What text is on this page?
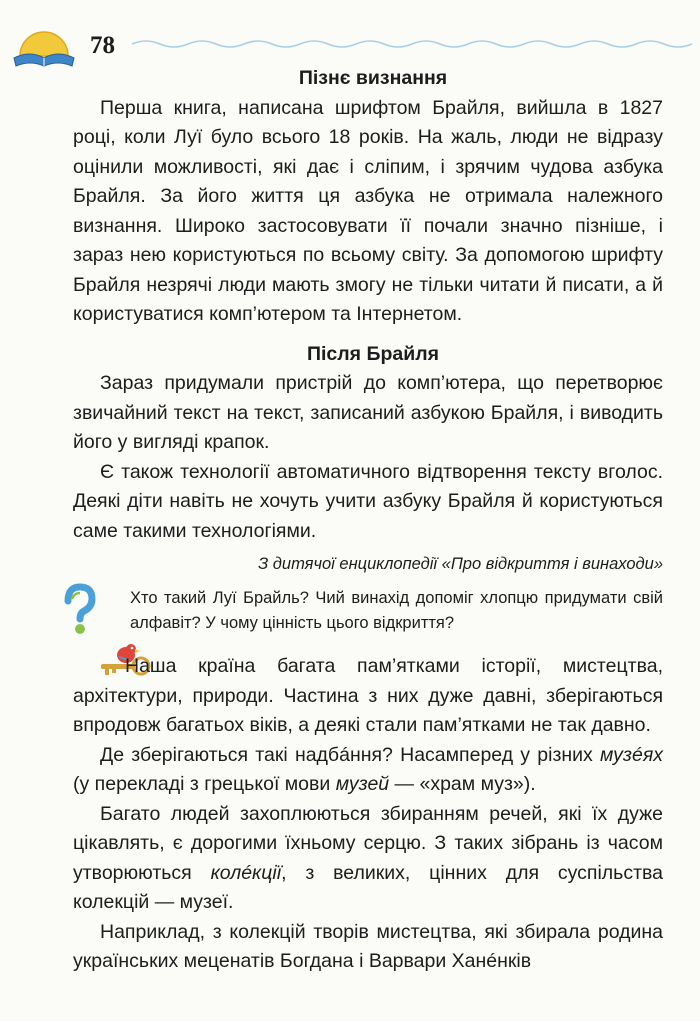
78
Пізнє визнання

Перша книга, написана шрифтом Брайля, вийшла в 1827 році, коли Луї було всього 18 років. На жаль, люди не відразу оцінили можливості, які дає і сліпим, і зрячим чудова азбука Брайля. За його життя ця азбука не отримала належного визнання. Широко застосовувати її почали значно пізніше, і зараз нею користуються по всьому світу. За допомогою шрифту Брайля незрячі люди мають змогу не тільки читати й писати, а й користуватися комп’ютером та Інтернетом.

Після Брайля

Зараз придумали пристрій до комп’ютера, що перетворює звичайний текст на текст, записаний азбукою Брайля, і виводить його у вигляді крапок.

Є також технології автоматичного відтворення тексту вголос. Деякі діти навіть не хочуть учити азбуку Брайля й користуються саме такими технологіями.

З дитячої енциклопедії «Про відкриття і винаходи»

Хто такий Луї Брайль? Чий винахід допоміг хлопцю придумати свій алфавіт? У чому цінність цього відкриття?

Наша країна багата пам’ятками історії, мистецтва, архітектури, природи. Частина з них дуже давні, зберігаються впродовж багатьох віків, а деякі стали пам’ятками не так давно.

Де зберігаються такі надбáння? Насамперед у різних музéях (у перекладі з грецької мови музей — «храм муз»).

Багато людей захоплюються збиранням речей, які їх дуже цікавлять, є дорогими їхньому серцю. З таких зібрань із часом утворюються колéкції, з великих, цінних для суспільства колекцій — музеї.

Наприклад, з колекцій творів мистецтва, які збирала родина українських меценатів Богдана і Варвари Ханéнків
